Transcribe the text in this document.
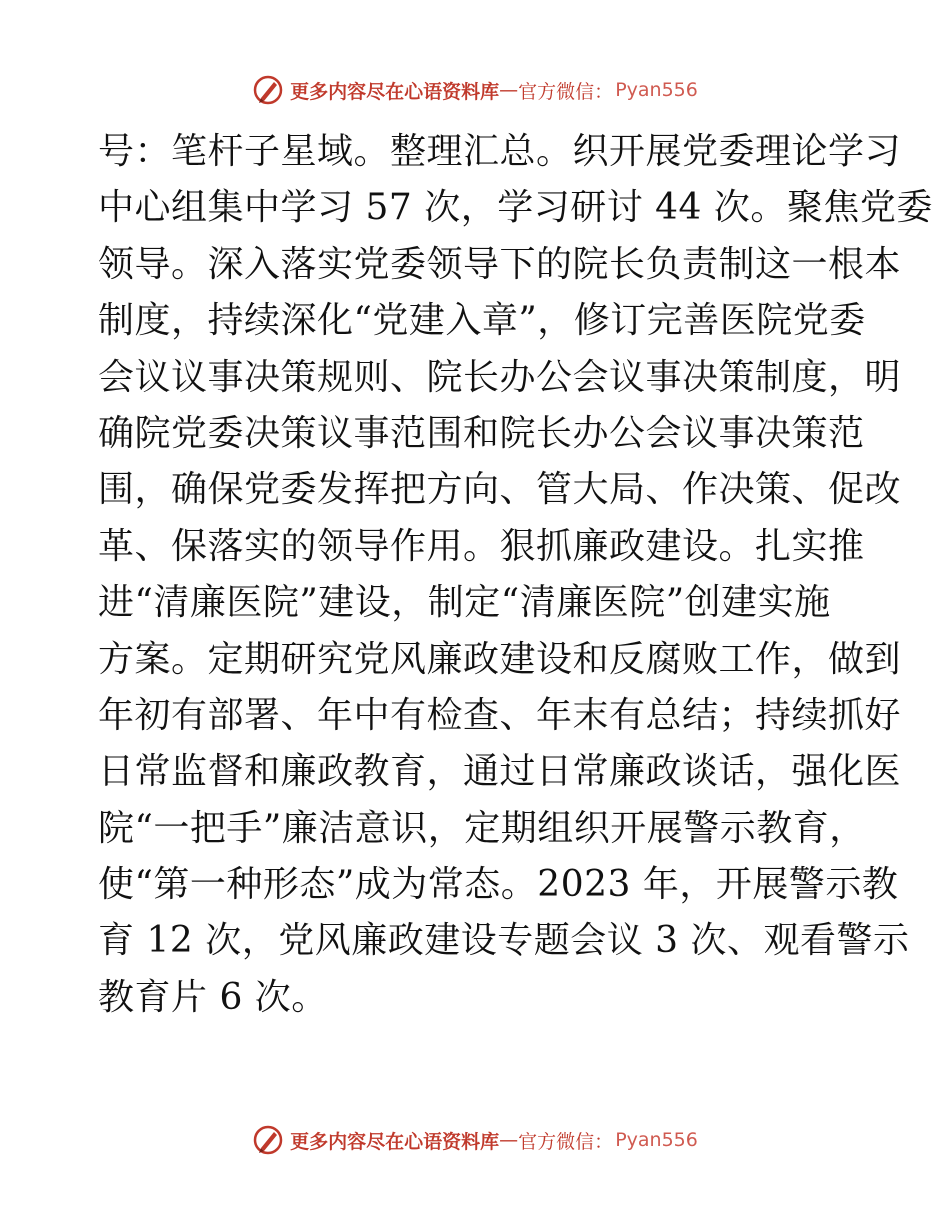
更多内容尽在心语资料库 — 官方微信： Pyan556
号：笔杆子星域。整理汇总。织开展党委理论学习
中心组集中学习 57 次，学习研讨 44 次。聚焦党委
领导。深入落实党委领导下的院长负责制这一根本
制度，持续深化“党建入章”，修订完善医院党委
会议议事决策规则、院长办公会议事决策制度，明
确院党委决策议事范围和院长办公会议事决策范
围，确保党委发挥把方向、管大局、作决策、促改
革、保落实的领导作用。狠抓廉政建设。扎实推
进“清廉医院”建设，制定“清廉医院”创建实施
方案。定期研究党风廉政建设和反腐败工作，做到
年初有部署、年中有检查、年末有总结；持续抓好
日常监督和廉政教育，通过日常廉政谈话，强化医
院“一把手”廉洁意识，定期组织开展警示教育，
使“第一种形态”成为常态。2023 年，开展警示教
育 12 次，党风廉政建设专题会议 3 次、观看警示
教育片 6 次。
更多内容尽在心语资料库 — 官方微信： Pyan556
